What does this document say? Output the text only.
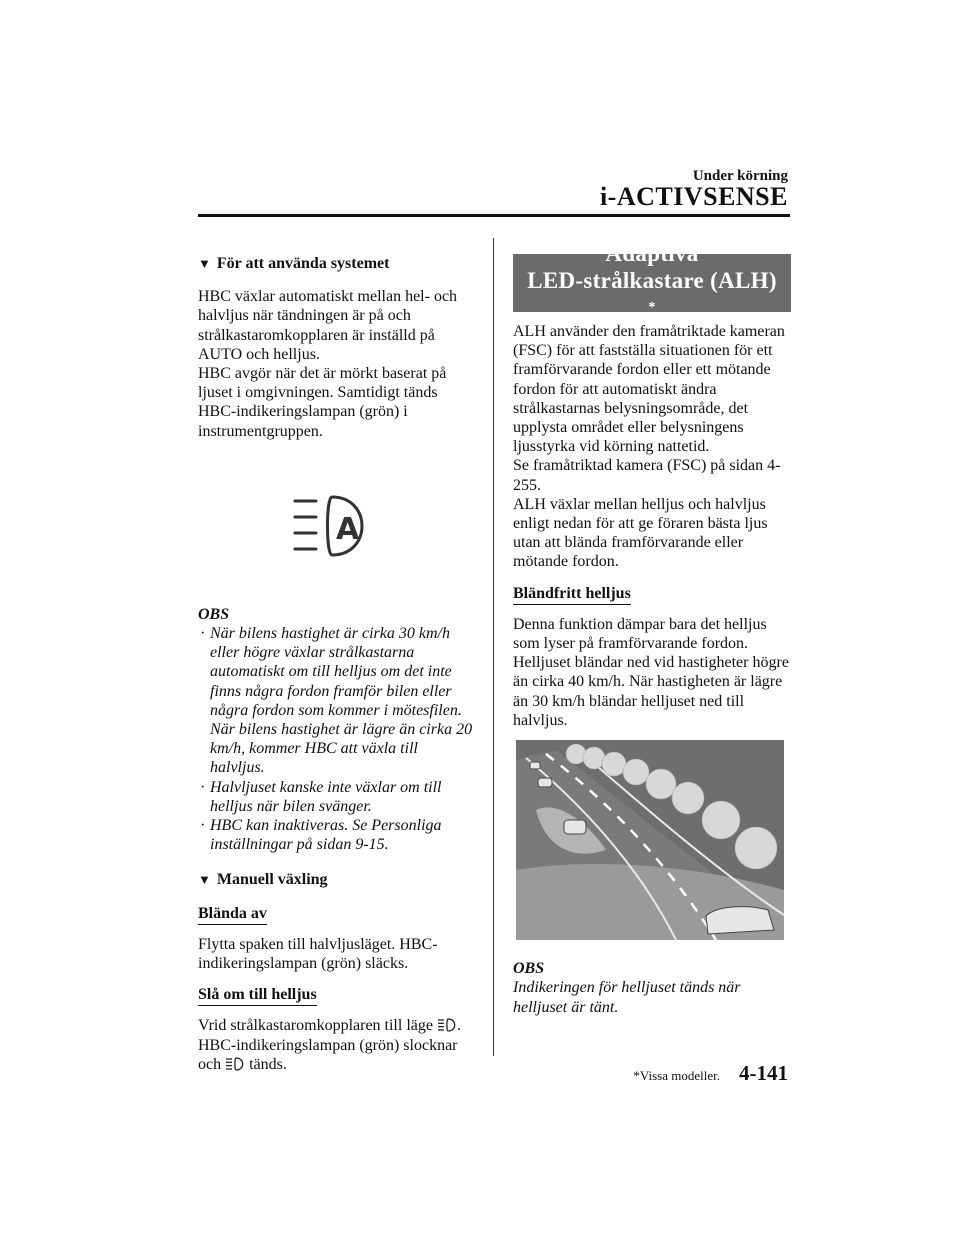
Under körning
i-ACTIVSENSE
▼ För att använda systemet

HBC växlar automatiskt mellan hel- och halvljus när tändningen är på och strålkastaromkopplaren är inställd på AUTO och helljus.

HBC avgör när det är mörkt baserat på ljuset i omgivningen. Samtidigt tänds HBC-indikeringslampan (grön) i instrumentgruppen.

A

OBS

· När bilens hastighet är cirka 30 km/h eller högre växlar strålkastarna automatiskt om till helljus om det inte finns några fordon framför bilen eller några fordon som kommer i mötesfilen. När bilens hastighet är lägre än cirka 20 km/h, kommer HBC att växla till halvljus.
· Halvljuset kanske inte växlar om till helljus när bilen svänger.
· HBC kan inaktiveras. Se Personliga inställningar på sidan 9-15.
▼ Manuell växling
Blända av

Flytta spaken till halvljusläget. HBC-indikeringslampan (grön) släcks.

Slå om till helljus

Vrid strålkastaromkopplaren till läge .
HBC-indikeringslampan (grön) slocknar
och tänds.

Adaptiva
LED-strålkastare (ALH)
*

ALH använder den framåtriktade kameran (FSC) för att fastställa situationen för ett framförvarande fordon eller ett mötande fordon för att automatiskt ändra strålkastarnas belysningsområde, det upplysta området eller belysningens ljusstyrka vid körning nattetid.

Se framåtriktad kamera (FSC) på sidan 4-255.

ALH växlar mellan helljus och halvljus enligt nedan för att ge föraren bästa ljus utan att blända framförvarande eller mötande fordon.

Bländfritt helljus

Denna funktion dämpar bara det helljus som lyser på framförvarande fordon. Helljuset bländar ned vid hastigheter högre än cirka 40 km/h. När hastigheten är lägre än 30 km/h bländar helljuset ned till halvljus.

OBS

Indikeringen för helljuset tänds när helljuset är tänt.

*Vissa modeller. 4-141
